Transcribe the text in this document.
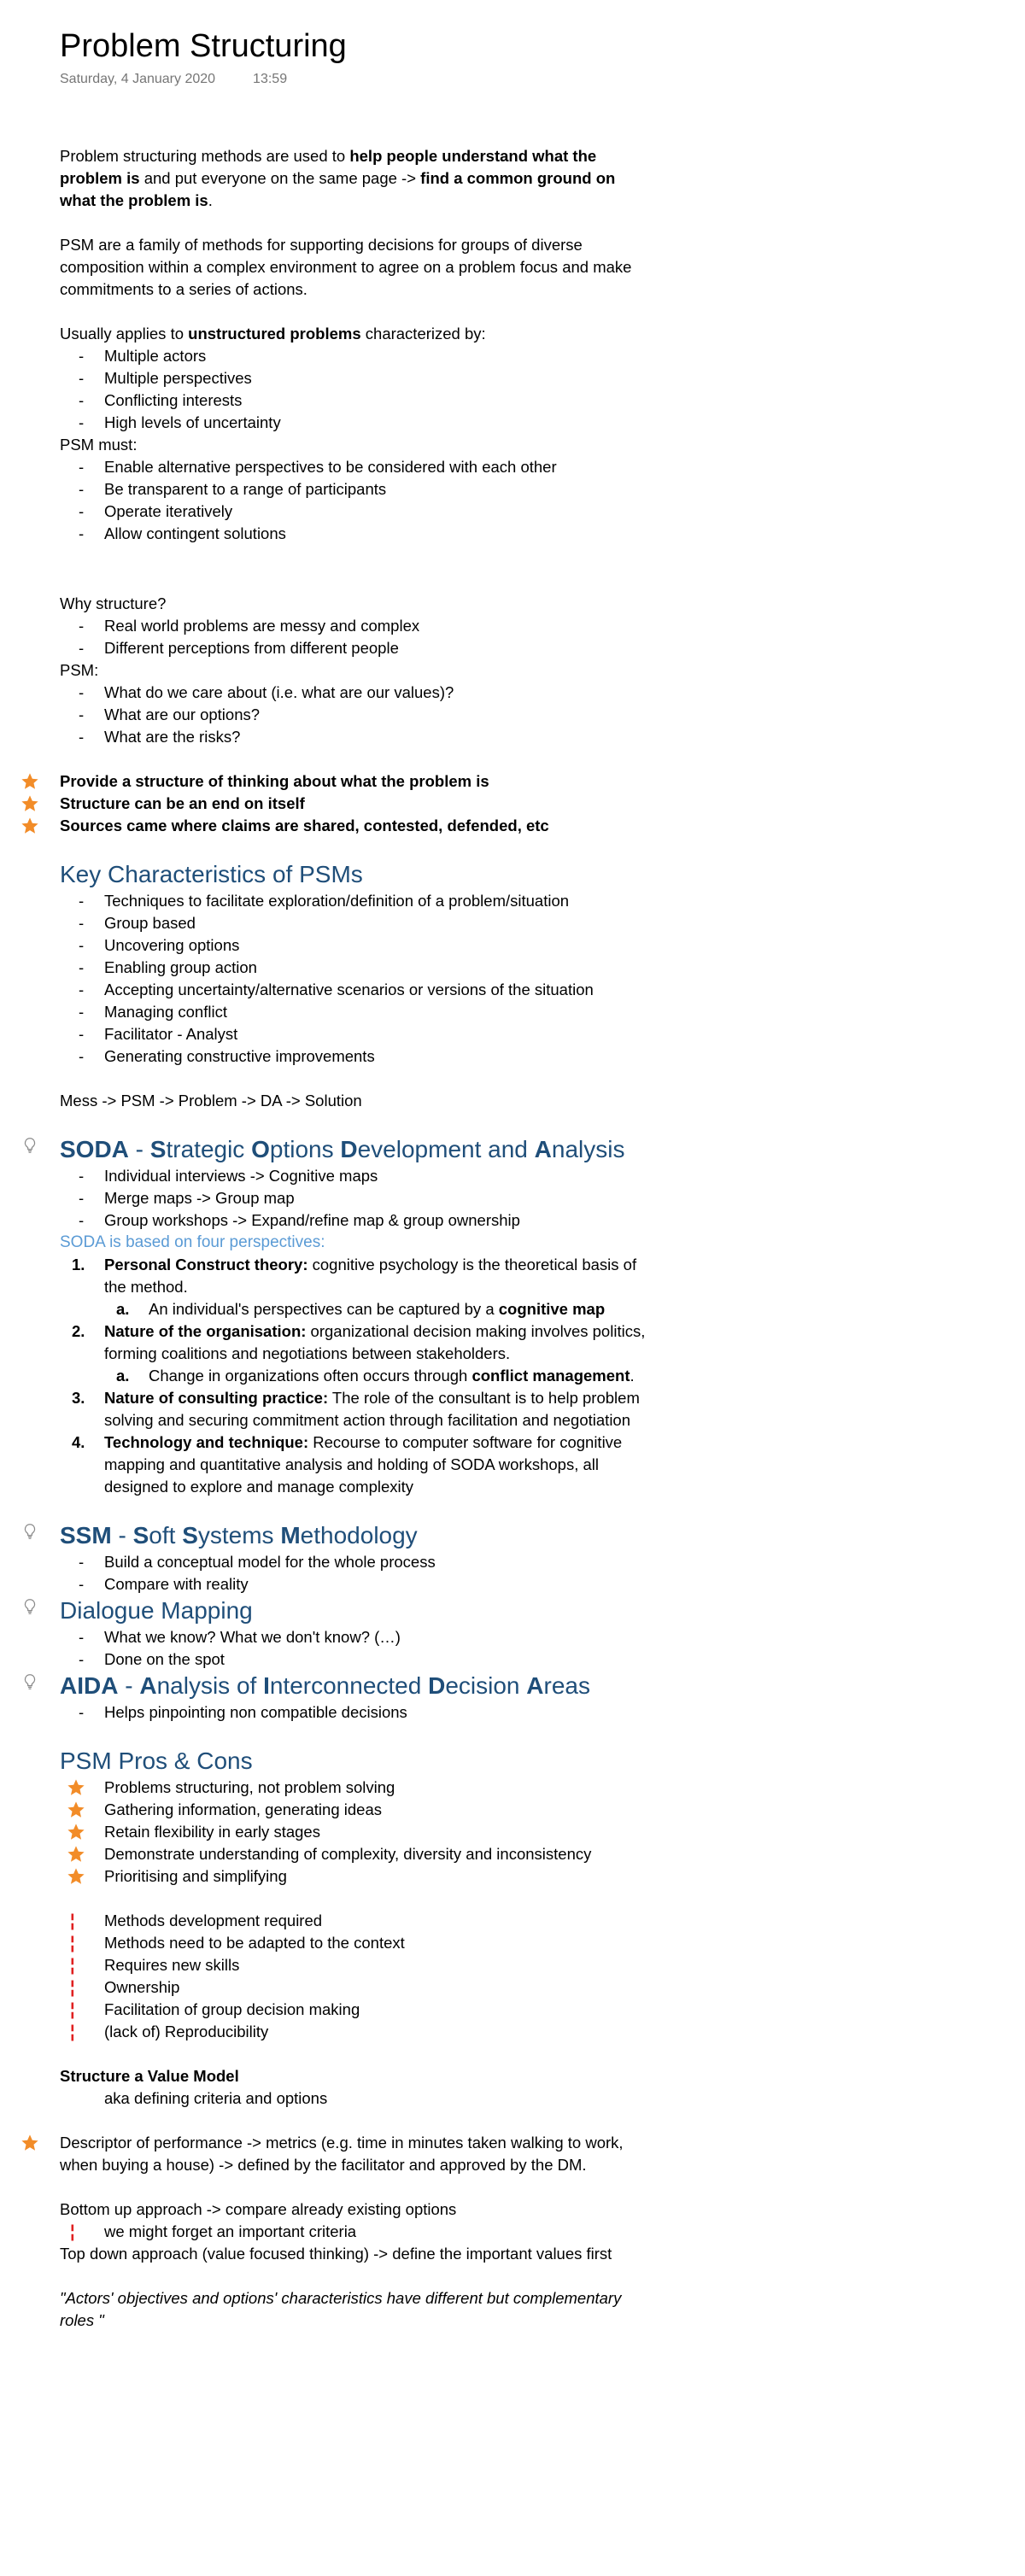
Problem Structuring
Saturday, 4 January 2020	13:59

Problem structuring methods are used to help people understand what the problem is and put everyone on the same page -> find a common ground on what the problem is.

PSM are a family of methods for supporting decisions for groups of diverse composition within a complex environment to agree on a problem focus and make commitments to a series of actions.

Usually applies to unstructured problems characterized by:

- Multiple actors
- Multiple perspectives
- Conflicting interests
- High levels of uncertainty

PSM must:

- Enable alternative perspectives to be considered with each other
- Be transparent to a range of participants
- Operate iteratively
- Allow contingent solutions

Why structure?

- Real world problems are messy and complex
- Different perceptions from different people

PSM:

- What do we care about (i.e. what are our values)?
- What are our options?
- What are the risks?

Provide a structure of thinking about what the problem is

Structure can be an end on itself

Sources came where claims are shared, contested, defended, etc

Key Characteristics of PSMs
- Techniques to facilitate exploration/definition of a problem/situation
- Group based
- Uncovering options
- Enabling group action
- Accepting uncertainty/alternative scenarios or versions of the situation
- Managing conflict
- Facilitator - Analyst
- Generating constructive improvements

Mess -> PSM -> Problem -> DA -> Solution

SODA - Strategic Options Development and Analysis
- Individual interviews -> Cognitive maps
- Merge maps -> Group map
- Group workshops -> Expand/refine map & group ownership

SODA is based on four perspectives:

1. Personal Construct theory: cognitive psychology is the theoretical basis of the method.
a. An individual's perspectives can be captured by a cognitive map
2. Nature of the organisation: organizational decision making involves politics, forming coalitions and negotiations between stakeholders.
a. Change in organizations often occurs through conflict management.
3. Nature of consulting practice: The role of the consultant is to help problem solving and securing commitment action through facilitation and negotiation
4. Technology and technique: Recourse to computer software for cognitive mapping and quantitative analysis and holding of SODA workshops, all designed to explore and manage complexity
SSM - Soft Systems Methodology
- Build a conceptual model for the whole process
- Compare with reality
Dialogue Mapping
- What we know? What we don't know? (…)
- Done on the spot
AIDA - Analysis of Interconnected Decision Areas
- Helps pinpointing non compatible decisions
PSM Pros & Cons

Problems structuring, not problem solving

Gathering information, generating ideas

Retain flexibility in early stages

Demonstrate understanding of complexity, diversity and inconsistency

Prioritising and simplifying

¦ Methods development required

¦ Methods need to be adapted to the context

¦ Requires new skills

¦ Ownership

¦ Facilitation of group decision making

¦ (lack of) Reproducibility

Structure a Value Model

aka defining criteria and options

Descriptor of performance -> metrics (e.g. time in minutes taken walking to work, when buying a house) -> defined by the facilitator and approved by the DM.

Bottom up approach -> compare already existing options

¦ we might forget an important criteria

Top down approach (value focused thinking) -> define the important values first

"Actors' objectives and options' characteristics have different but complementary roles "
